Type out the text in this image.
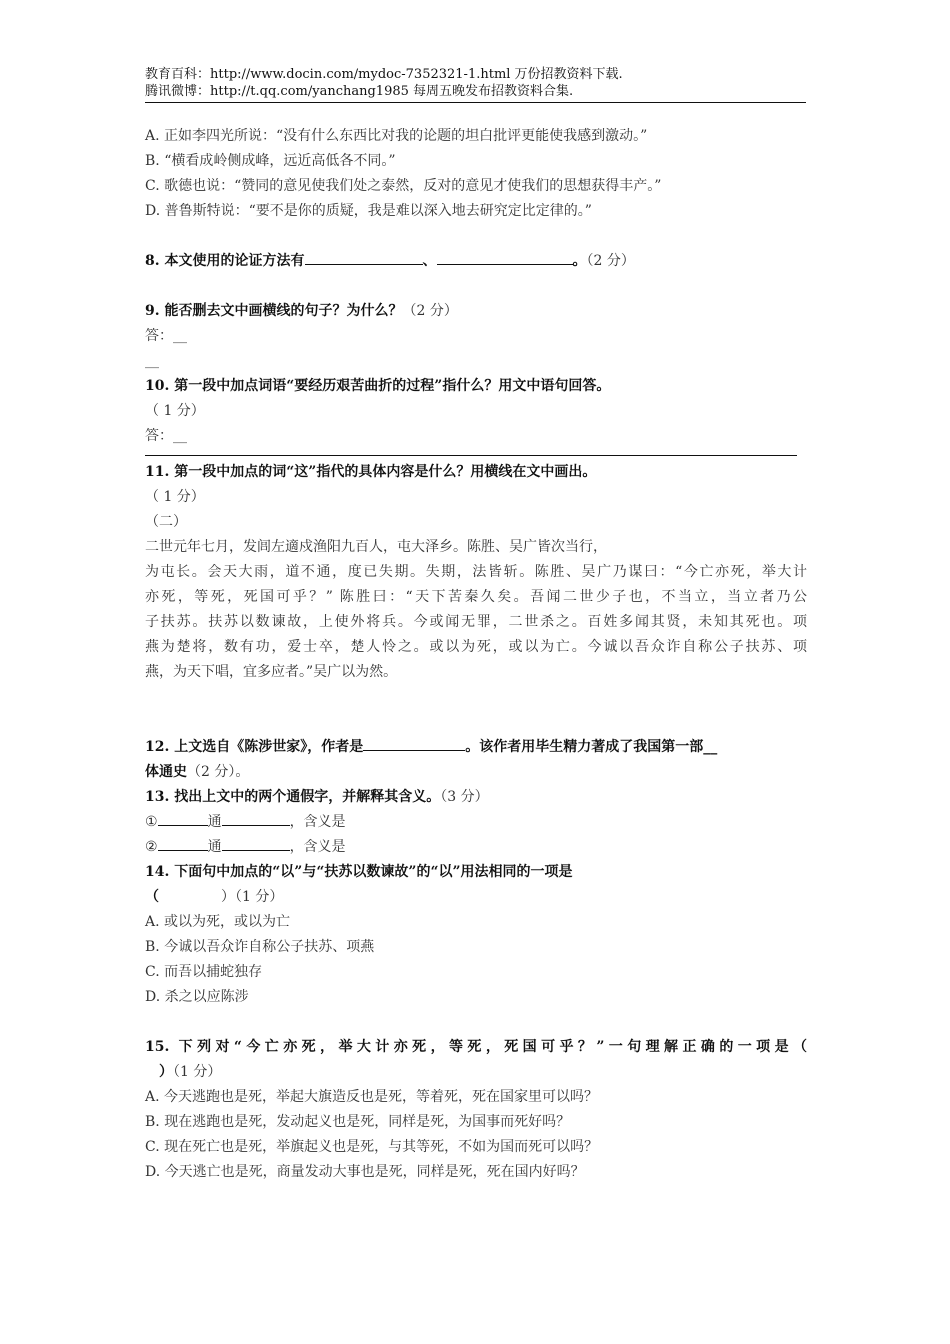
教育百科：http://www.docin.com/mydoc-7352321-1.html 万份招教资料下载.
腾讯微博：http://t.qq.com/yanchang1985 每周五晚发布招教资料合集.
A. 正如李四光所说：“没有什么东西比对我的论题的坦白批评更能使我感到激动。”
B. “横看成岭侧成峰，远近高低各不同。”
C. 歌德也说：“赞同的意见使我们处之泰然，反对的意见才使我们的思想获得丰产。”
D. 普鲁斯特说：“要不是你的质疑，我是难以深入地去研究定比定律的。”
8. 本文使用的论证方法有	、	。（2 分）
9. 能否删去文中画横线的句子？为什么？（2 分）
答：__
__
10. 第一段中加点词语“要经历艰苦曲折的过程”指什么？用文中语句回答。
（ 1 分）
答：__
11. 第一段中加点的词“这”指代的具体内容是什么？用横线在文中画出。
（ 1 分）
（二）
二世元年七月，发闾左適戍渔阳九百人，屯大泽乡。陈胜、吴广皆次当行，
为屯长。会天大雨，道不通，度已失期。失期，法皆斩。陈胜、吴广乃谋曰：“今亡亦死，举大计
亦死，等死，死国可乎？” 陈胜曰：“天下苦秦久矣。吾闻二世少子也，不当立，当立者乃公
子扶苏。扶苏以数谏故，上使外将兵。今或闻无罪，二世杀之。百姓多闻其贤，未知其死也。项
燕为楚将，数有功，爱士卒，楚人怜之。或以为死，或以为亡。今诚以吾众诈自称公子扶苏、项
燕，为天下唱，宜多应者。”吴广以为然。
12. 上文选自《陈涉世家》，作者是	。该作者用毕生精力著成了我国第一部__
体通史（2 分）。
13. 找出上文中的两个通假字，并解释其含义。（3 分）
①	通	，含义是
②	通	，含义是
14. 下面句中加点的“以”与“扶苏以数谏故”的“以”用法相同的一项是
（	）（1 分）
A. 或以为死，或以为亡
B. 今诚以吾众诈自称公子扶苏、项燕
C. 而吾以捕蛇独存
D. 杀之以应陈涉
15. 下列对“今亡亦死，举大计亦死，等死，死国可乎？”一句理解正确的一项是（
）（1 分）
A. 今天逃跑也是死，举起大旗造反也是死，等着死，死在国家里可以吗？
B. 现在逃跑也是死，发动起义也是死，同样是死，为国事而死好吗？
C. 现在死亡也是死，举旗起义也是死，与其等死，不如为国而死可以吗？
D. 今天逃亡也是死，商量发动大事也是死，同样是死，死在国内好吗？
